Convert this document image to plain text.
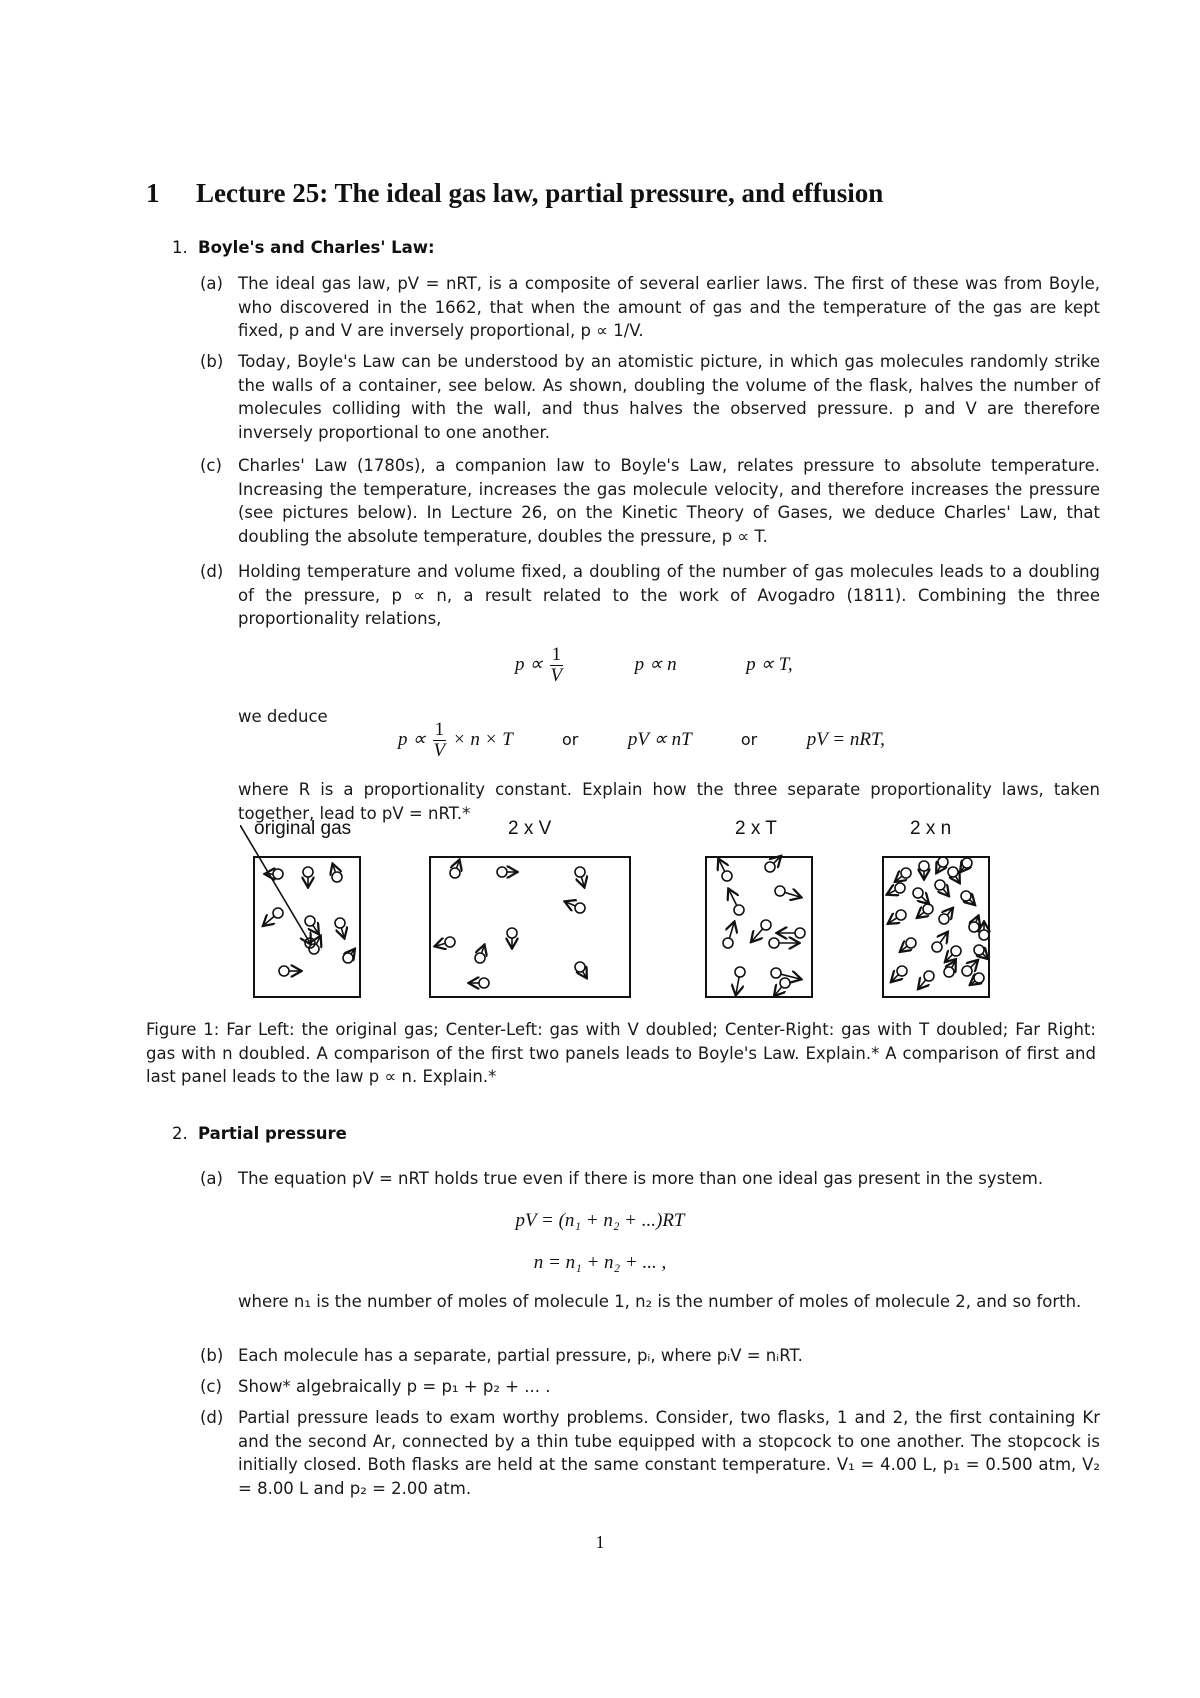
1 Lecture 25: The ideal gas law, partial pressure, and effusion
1. Boyle's and Charles' Law:
(a) The ideal gas law, pV = nRT, is a composite of several earlier laws. The first of these was from Boyle, who discovered in the 1662, that when the amount of gas and the temperature of the gas are kept fixed, p and V are inversely proportional, p ∝ 1/V.
(b) Today, Boyle's Law can be understood by an atomistic picture, in which gas molecules randomly strike the walls of a container, see below. As shown, doubling the volume of the flask, halves the number of molecules colliding with the wall, and thus halves the observed pressure. p and V are therefore inversely proportional to one another.
(c) Charles' Law (1780s), a companion law to Boyle's Law, relates pressure to absolute temperature. Increasing the temperature, increases the gas molecule velocity, and therefore increases the pressure (see pictures below). In Lecture 26, on the Kinetic Theory of Gases, we deduce Charles' Law, that doubling the absolute temperature, doubles the pressure, p ∝ T.
(d) Holding temperature and volume fixed, a doubling of the number of gas molecules leads to a doubling of the pressure, p ∝ n, a result related to the work of Avogadro (1811). Combining the three proportionality relations,
$p \propto \frac{1}{V}$	p ∝ n	p ∝ T,
we deduce
$p \propto \frac{1}{V} \times n \times T$	or	pV ∝ nT	or	pV = nRT,
where R is a proportionality constant. Explain how the three separate proportionality laws, taken together, lead to pV = nRT.*
original gas	2 x V	2 x T	2 x n
Figure 1: Far Left: the original gas; Center-Left: gas with V doubled; Center-Right: gas with T doubled; Far Right: gas with n doubled. A comparison of the first two panels leads to Boyle's Law. Explain.* A comparison of first and last panel leads to the law p ∝ n. Explain.*
2. Partial pressure
(a) The equation pV = nRT holds true even if there is more than one ideal gas present in the system.
pV = (n₁ + n₂ + ...)RT
n = n₁ + n₂ + ... ,
where n₁ is the number of moles of molecule 1, n₂ is the number of moles of molecule 2, and so forth.
(b) Each molecule has a separate, partial pressure, pᵢ, where pᵢV = nᵢRT.
(c) Show* algebraically p = p₁ + p₂ + ... .
(d) Partial pressure leads to exam worthy problems. Consider, two flasks, 1 and 2, the first containing Kr and the second Ar, connected by a thin tube equipped with a stopcock to one another. The stopcock is initially closed. Both flasks are held at the same constant temperature. V₁ = 4.00 L, p₁ = 0.500 atm, V₂ = 8.00 L and p₂ = 2.00 atm.
1
